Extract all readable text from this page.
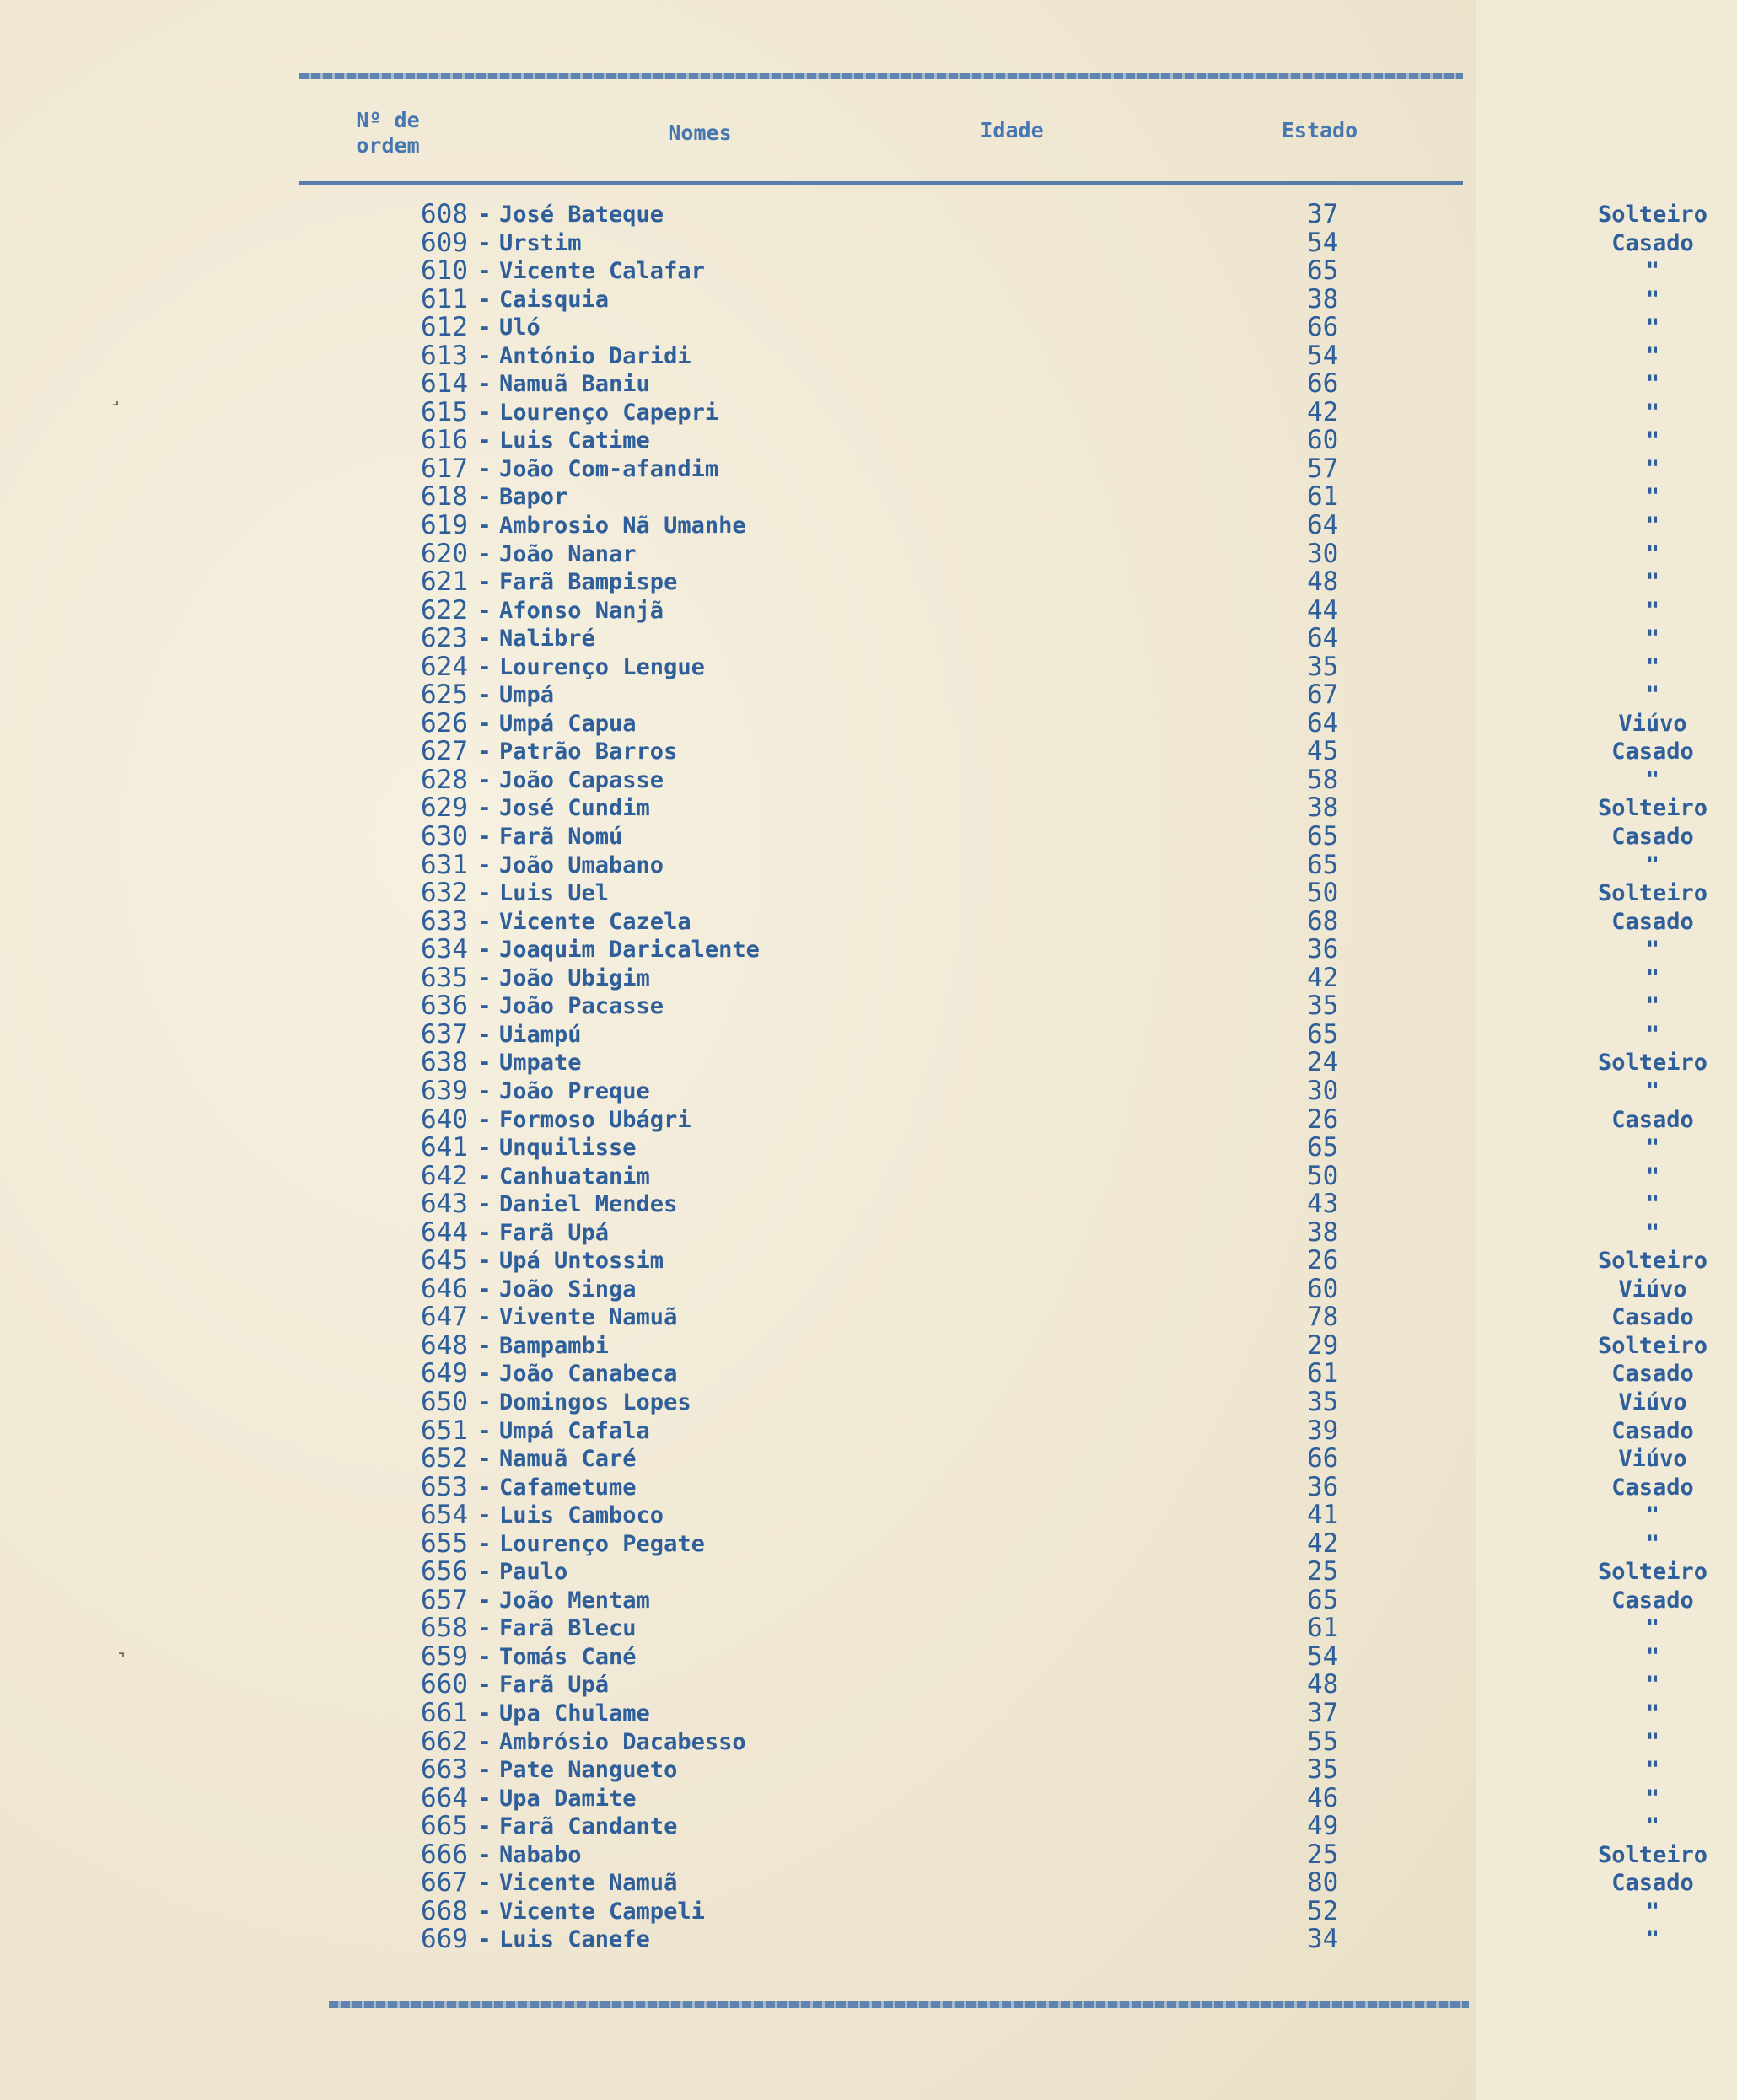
Nº de
ordem
Nomes	Idade	Estado
608 - José Bateque	37	Solteiro
609 - Urstim	54	Casado
610 - Vicente Calafar	65	"
611 - Caisquia	38	"
612 - Uló	66	"
613 - António Daridi	54	"
614 - Namuã Baniu	66	"
615 - Lourenço Capepri	42	"
616 - Luis Catime	60	"
617 - João Com-afandim	57	"
618 - Bapor	61	"
619 - Ambrosio Nã Umanhe	64	"
620 - João Nanar	30	"
621 - Farã Bampispe	48	"
622 - Afonso Nanjã	44	"
623 - Nalibré	64	"
624 - Lourenço Lengue	35	"
625 - Umpá	67	"
626 - Umpá Capua	64	Viúvo
627 - Patrão Barros	45	Casado
628 - João Capasse	58	"
629 - José Cundim	38	Solteiro
630 - Farã Nomú	65	Casado
631 - João Umabano	65	"
632 - Luis Uel	50	Solteiro
633 - Vicente Cazela	68	Casado
634 - Joaquim Daricalente	36	"
635 - João Ubigim	42	"
636 - João Pacasse	35	"
637 - Uiampú	65	"
638 - Umpate	24	Solteiro
639 - João Preque	30	"
640 - Formoso Ubágri	26	Casado
641 - Unquilisse	65	"
642 - Canhuatanim	50	"
643 - Daniel Mendes	43	"
644 - Farã Upá	38	"
645 - Upá Untossim	26	Solteiro
646 - João Singa	60	Viúvo
647 - Vivente Namuã	78	Casado
648 - Bampambi	29	Solteiro
649 - João Canabeca	61	Casado
650 - Domingos Lopes	35	Viúvo
651 - Umpá Cafala	39	Casado
652 - Namuã Caré	66	Viúvo
653 - Cafametume	36	Casado
654 - Luis Camboco	41	"
655 - Lourenço Pegate	42	"
656 - Paulo	25	Solteiro
657 - João Mentam	65	Casado
658 - Farã Blecu	61	"
659 - Tomás Cané	54	"
660 - Farã Upá	48	"
661 - Upa Chulame	37	"
662 - Ambrósio Dacabesso	55	"
663 - Pate Nangueto	35	"
664 - Upa Damite	46	"
665 - Farã Candante	49	"
666 - Nababo	25	Solteiro
667 - Vicente Namuã	80	Casado
668 - Vicente Campeli	52	"
669 - Luis Canefe	34	"
˼
˺
